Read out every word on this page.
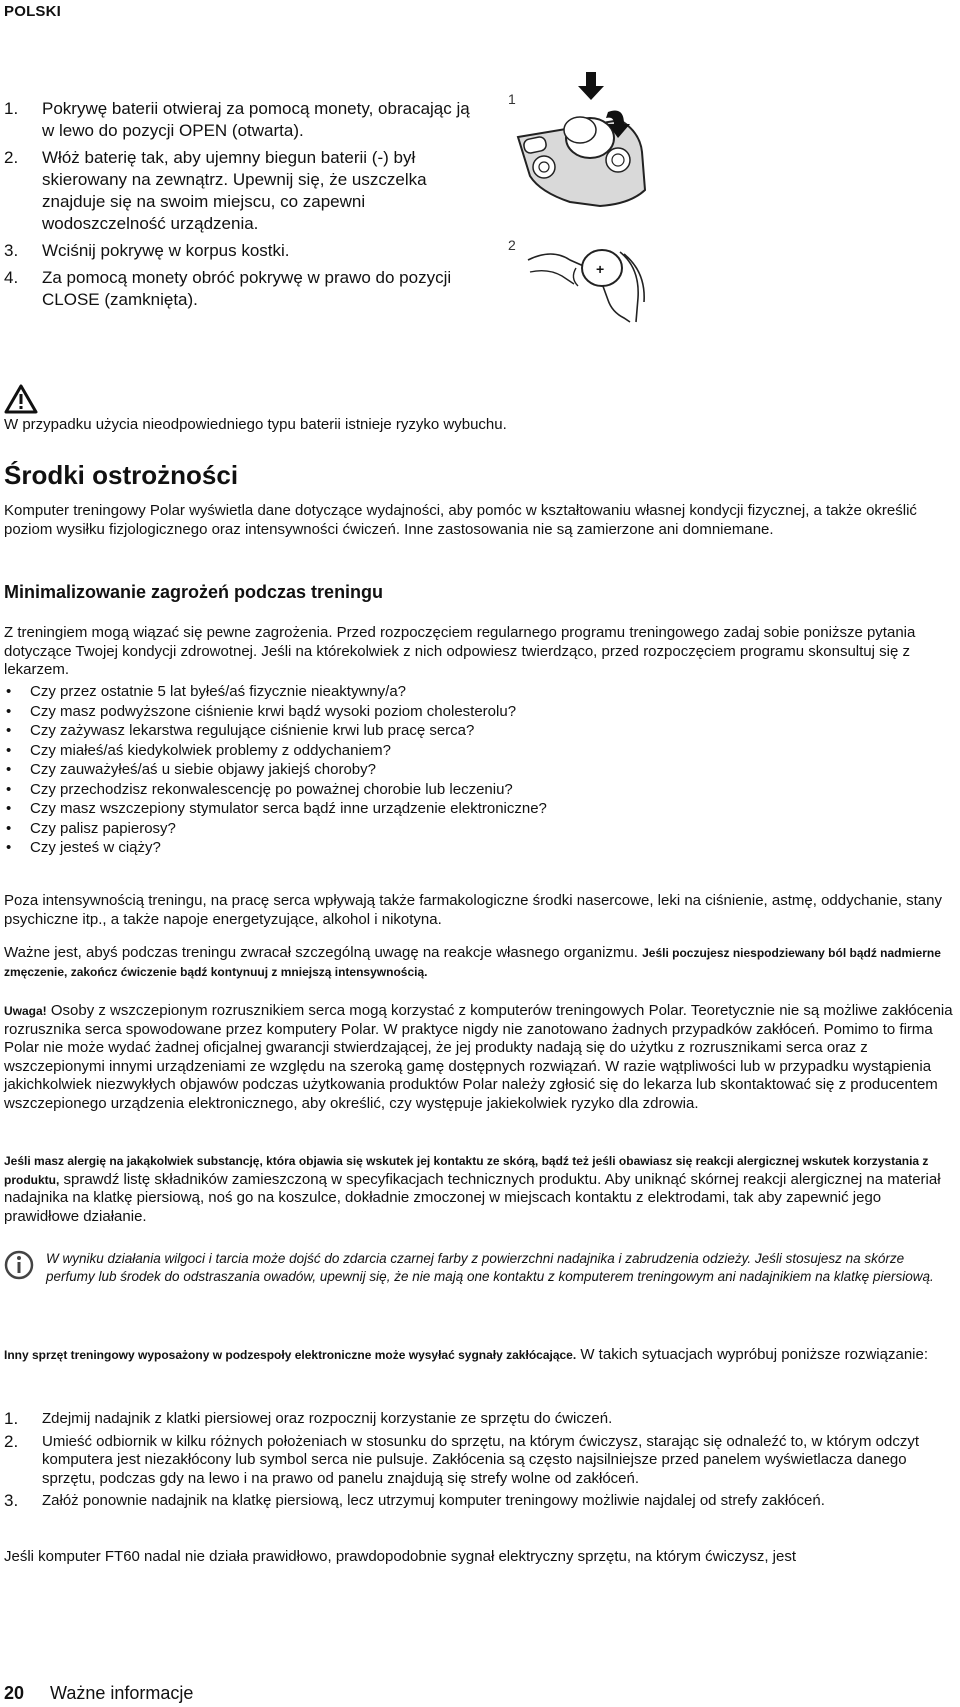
POLSKI
1. Pokrywę baterii otwieraj za pomocą monety, obracając ją w lewo do pozycji OPEN (otwarta).
2. Włóż baterię tak, aby ujemny biegun baterii (-) był skierowany na zewnątrz. Upewnij się, że uszczelka znajduje się na swoim miejscu, co zapewni wodoszczelność urządzenia.
3. Wciśnij pokrywę w korpus kostki.
4. Za pomocą monety obróć pokrywę w prawo do pozycji CLOSE (zamknięta).
1
2
+
W przypadku użycia nieodpowiedniego typu baterii istnieje ryzyko wybuchu.
Środki ostrożności
Komputer treningowy Polar wyświetla dane dotyczące wydajności, aby pomóc w kształtowaniu własnej kondycji fizycznej, a także określić poziom wysiłku fizjologicznego oraz intensywności ćwiczeń. Inne zastosowania nie są zamierzone ani domniemane.
Minimalizowanie zagrożeń podczas treningu
Z treningiem mogą wiązać się pewne zagrożenia. Przed rozpoczęciem regularnego programu treningowego zadaj sobie poniższe pytania dotyczące Twojej kondycji zdrowotnej. Jeśli na którekolwiek z nich odpowiesz twierdząco, przed rozpoczęciem programu skonsultuj się z lekarzem.
• Czy przez ostatnie 5 lat byłeś/aś fizycznie nieaktywny/a?
• Czy masz podwyższone ciśnienie krwi bądź wysoki poziom cholesterolu?
• Czy zażywasz lekarstwa regulujące ciśnienie krwi lub pracę serca?
• Czy miałeś/aś kiedykolwiek problemy z oddychaniem?
• Czy zauważyłeś/aś u siebie objawy jakiejś choroby?
• Czy przechodzisz rekonwalescencję po poważnej chorobie lub leczeniu?
• Czy masz wszczepiony stymulator serca bądź inne urządzenie elektroniczne?
• Czy palisz papierosy?
• Czy jesteś w ciąży?
Poza intensywnością treningu, na pracę serca wpływają także farmakologiczne środki nasercowe, leki na ciśnienie, astmę, oddychanie, stany psychiczne itp., a także napoje energetyzujące, alkohol i nikotyna.
Ważne jest, abyś podczas treningu zwracał szczególną uwagę na reakcje własnego organizmu. Jeśli poczujesz niespodziewany ból bądź nadmierne zmęczenie, zakończ ćwiczenie bądź kontynuuj z mniejszą intensywnością.
Uwaga! Osoby z wszczepionym rozrusznikiem serca mogą korzystać z komputerów treningowych Polar. Teoretycznie nie są możliwe zakłócenia rozrusznika serca spowodowane przez komputery Polar. W praktyce nigdy nie zanotowano żadnych przypadków zakłóceń. Pomimo to firma Polar nie może wydać żadnej oficjalnej gwarancji stwierdzającej, że jej produkty nadają się do użytku z rozrusznikami serca oraz z wszczepionymi innymi urządzeniami ze względu na szeroką gamę dostępnych rozwiązań. W razie wątpliwości lub w przypadku wystąpienia jakichkolwiek niezwykłych objawów podczas użytkowania produktów Polar należy zgłosić się do lekarza lub skontaktować się z producentem wszczepionego urządzenia elektronicznego, aby określić, czy występuje jakiekolwiek ryzyko dla zdrowia.
Jeśli masz alergię na jakąkolwiek substancję, która objawia się wskutek jej kontaktu ze skórą, bądź też jeśli obawiasz się reakcji alergicznej wskutek korzystania z produktu, sprawdź listę składników zamieszczoną w specyfikacjach technicznych produktu. Aby uniknąć skórnej reakcji alergicznej na materiał nadajnika na klatkę piersiową, noś go na koszulce, dokładnie zmoczonej w miejscach kontaktu z elektrodami, tak aby zapewnić jego prawidłowe działanie.
W wyniku działania wilgoci i tarcia może dojść do zdarcia czarnej farby z powierzchni nadajnika i zabrudzenia odzieży. Jeśli stosujesz na skórze perfumy lub środek do odstraszania owadów, upewnij się, że nie mają one kontaktu z komputerem treningowym ani nadajnikiem na klatkę piersiową.
Inny sprzęt treningowy wyposażony w podzespoły elektroniczne może wysyłać sygnały zakłócające. W takich sytuacjach wypróbuj poniższe rozwiązanie:
1. Zdejmij nadajnik z klatki piersiowej oraz rozpocznij korzystanie ze sprzętu do ćwiczeń.
2. Umieść odbiornik w kilku różnych położeniach w stosunku do sprzętu, na którym ćwiczysz, starając się odnaleźć to, w którym odczyt komputera jest niezakłócony lub symbol serca nie pulsuje. Zakłócenia są często najsilniejsze przed panelem wyświetlacza danego sprzętu, podczas gdy na lewo i na prawo od panelu znajdują się strefy wolne od zakłóceń.
3. Załóż ponownie nadajnik na klatkę piersiową, lecz utrzymuj komputer treningowy możliwie najdalej od strefy zakłóceń.
Jeśli komputer FT60 nadal nie działa prawidłowo, prawdopodobnie sygnał elektryczny sprzętu, na którym ćwiczysz, jest
20 Ważne informacje
